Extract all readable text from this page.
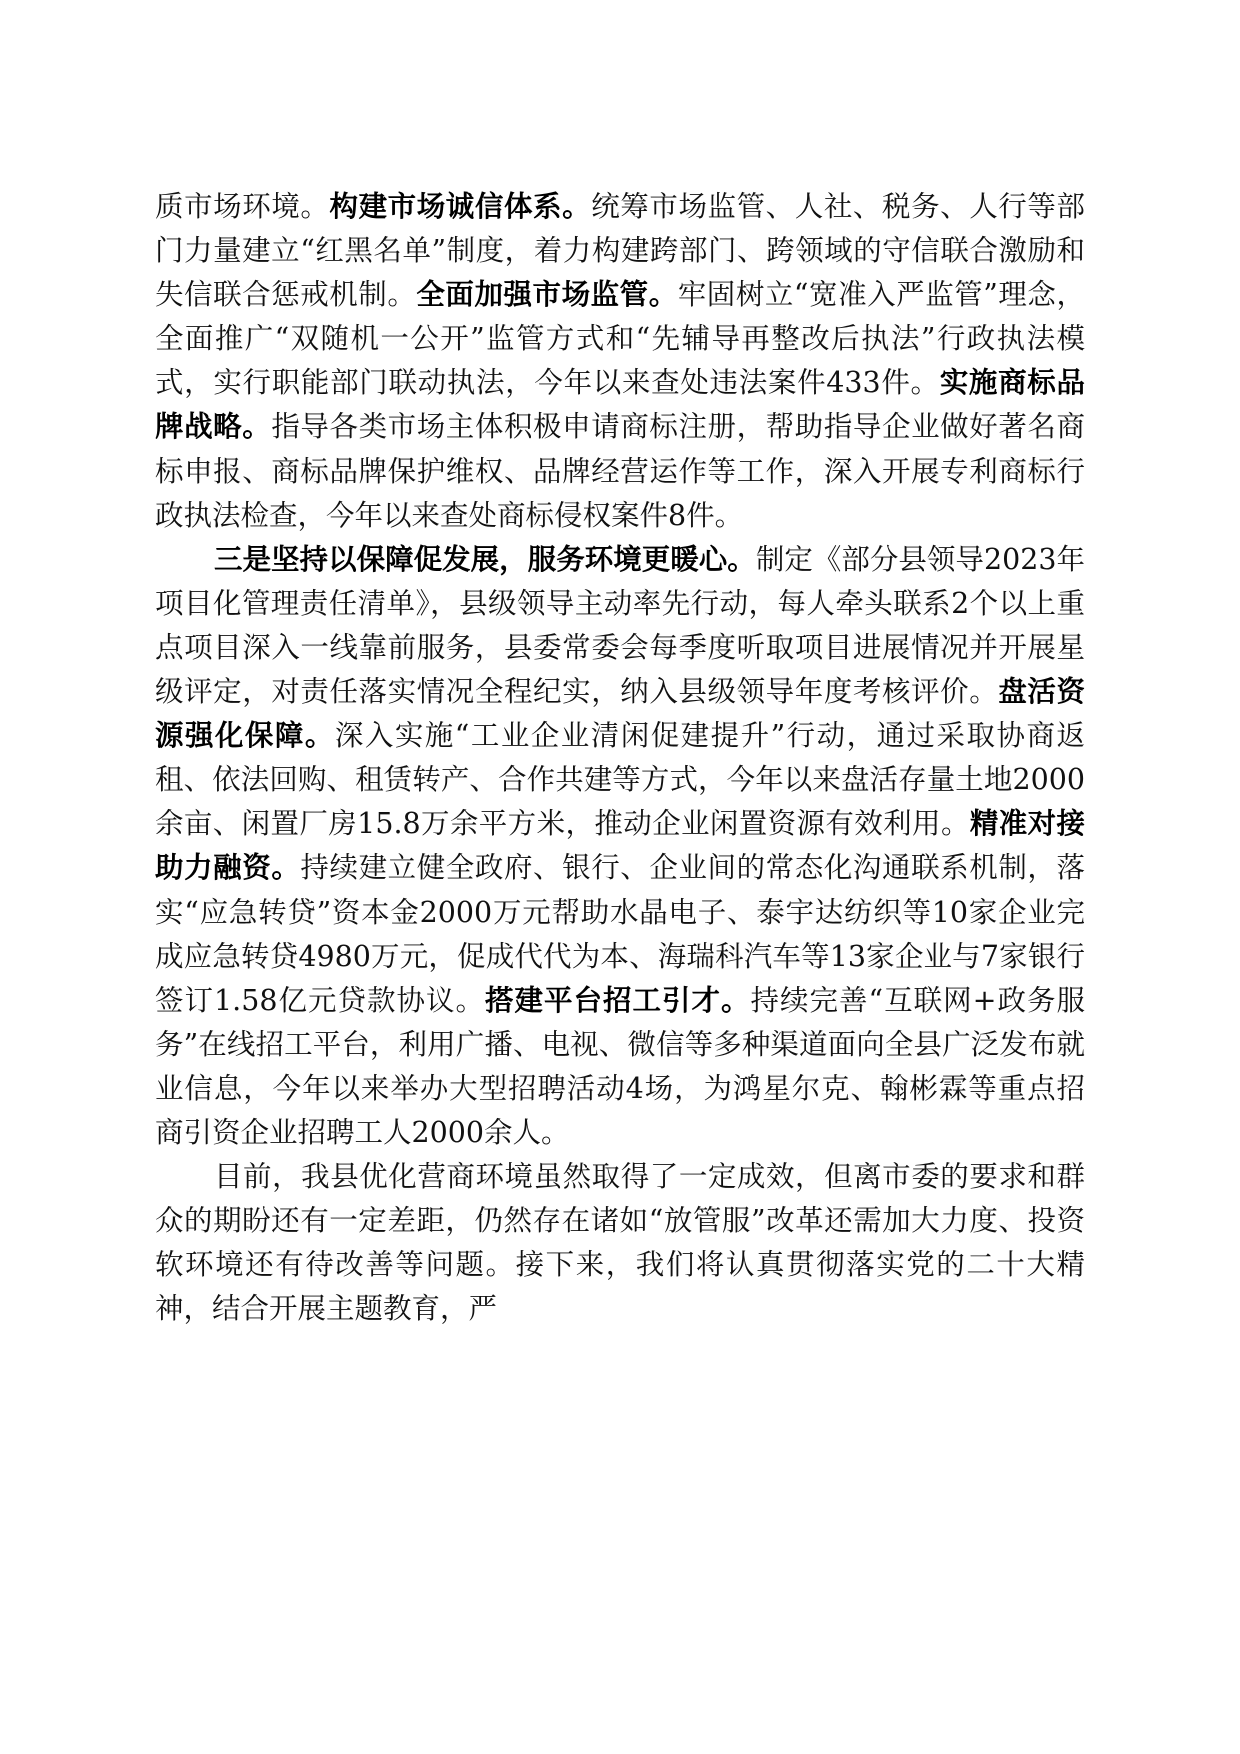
质市场环境。构建市场诚信体系。统筹市场监管、人社、税务、人行等部门力量建立“红黑名单”制度，着力构建跨部门、跨领域的守信联合激励和失信联合惩戒机制。全面加强市场监管。牢固树立“宽准入严监管”理念，全面推广“双随机一公开”监管方式和“先辅导再整改后执法”行政执法模式，实行职能部门联动执法，今年以来查处违法案件433件。实施商标品牌战略。指导各类市场主体积极申请商标注册，帮助指导企业做好著名商标申报、商标品牌保护维权、品牌经营运作等工作，深入开展专利商标行政执法检查，今年以来查处商标侵权案件8件。

三是坚持以保障促发展，服务环境更暖心。制定《部分县领导2023年项目化管理责任清单》，县级领导主动率先行动，每人牵头联系2个以上重点项目深入一线靠前服务，县委常委会每季度听取项目进展情况并开展星级评定，对责任落实情况全程纪实，纳入县级领导年度考核评价。盘活资源强化保障。深入实施“工业企业清闲促建提升”行动，通过采取协商返租、依法回购、租赁转产、合作共建等方式，今年以来盘活存量土地2000余亩、闲置厂房15.8万余平方米，推动企业闲置资源有效利用。精准对接助力融资。持续建立健全政府、银行、企业间的常态化沟通联系机制，落实“应急转贷”资本金2000万元帮助水晶电子、泰宇达纺织等10家企业完成应急转贷4980万元，促成代代为本、海瑞科汽车等13家企业与7家银行签订1.58亿元贷款协议。搭建平台招工引才。持续完善“互联网+政务服务”在线招工平台，利用广播、电视、微信等多种渠道面向全县广泛发布就业信息，今年以来举办大型招聘活动4场，为鸿星尔克、翰彬霖等重点招商引资企业招聘工人2000余人。

目前，我县优化营商环境虽然取得了一定成效，但离市委的要求和群众的期盼还有一定差距，仍然存在诸如“放管服”改革还需加大力度、投资软环境还有待改善等问题。接下来，我们将认真贯彻落实党的二十大精神，结合开展主题教育，严
